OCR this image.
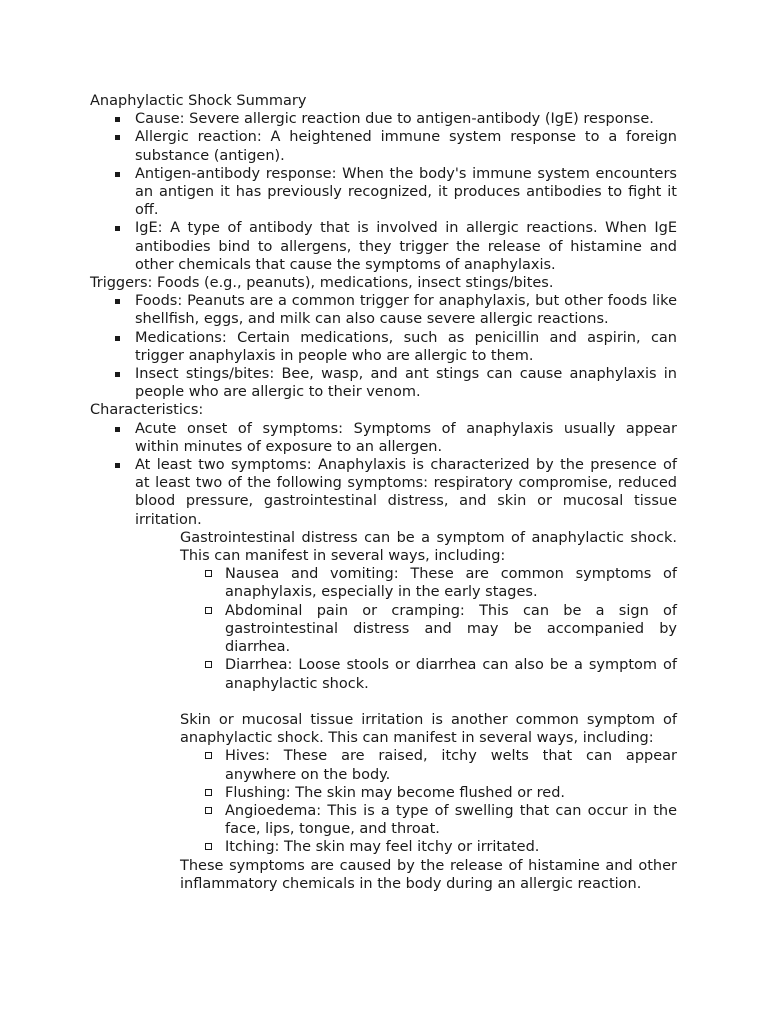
Anaphylactic Shock Summary

Cause: Severe allergic reaction due to antigen-antibody (IgE) response.
Allergic reaction: A heightened immune system response to a foreign substance (antigen).
Antigen-antibody response: When the body's immune system encounters an antigen it has previously recognized, it produces antibodies to fight it off.
IgE: A type of antibody that is involved in allergic reactions. When IgE antibodies bind to allergens, they trigger the release of histamine and other chemicals that cause the symptoms of anaphylaxis.

Triggers: Foods (e.g., peanuts), medications, insect stings/bites.

Foods: Peanuts are a common trigger for anaphylaxis, but other foods like shellfish, eggs, and milk can also cause severe allergic reactions.
Medications: Certain medications, such as penicillin and aspirin, can trigger anaphylaxis in people who are allergic to them.
Insect stings/bites: Bee, wasp, and ant stings can cause anaphylaxis in people who are allergic to their venom.

Characteristics:

Acute onset of symptoms: Symptoms of anaphylaxis usually appear within minutes of exposure to an allergen.
At least two symptoms: Anaphylaxis is characterized by the presence of at least two of the following symptoms: respiratory compromise, reduced blood pressure, gastrointestinal distress, and skin or mucosal tissue irritation.

Gastrointestinal distress can be a symptom of anaphylactic shock. This can manifest in several ways, including:

Nausea and vomiting: These are common symptoms of anaphylaxis, especially in the early stages.
Abdominal pain or cramping: This can be a sign of gastrointestinal distress and may be accompanied by diarrhea.
Diarrhea: Loose stools or diarrhea can also be a symptom of anaphylactic shock.

Skin or mucosal tissue irritation is another common symptom of anaphylactic shock. This can manifest in several ways, including:

Hives: These are raised, itchy welts that can appear anywhere on the body.
Flushing: The skin may become flushed or red.
Angioedema: This is a type of swelling that can occur in the face, lips, tongue, and throat.
Itching: The skin may feel itchy or irritated.

These symptoms are caused by the release of histamine and other inflammatory chemicals in the body during an allergic reaction.
